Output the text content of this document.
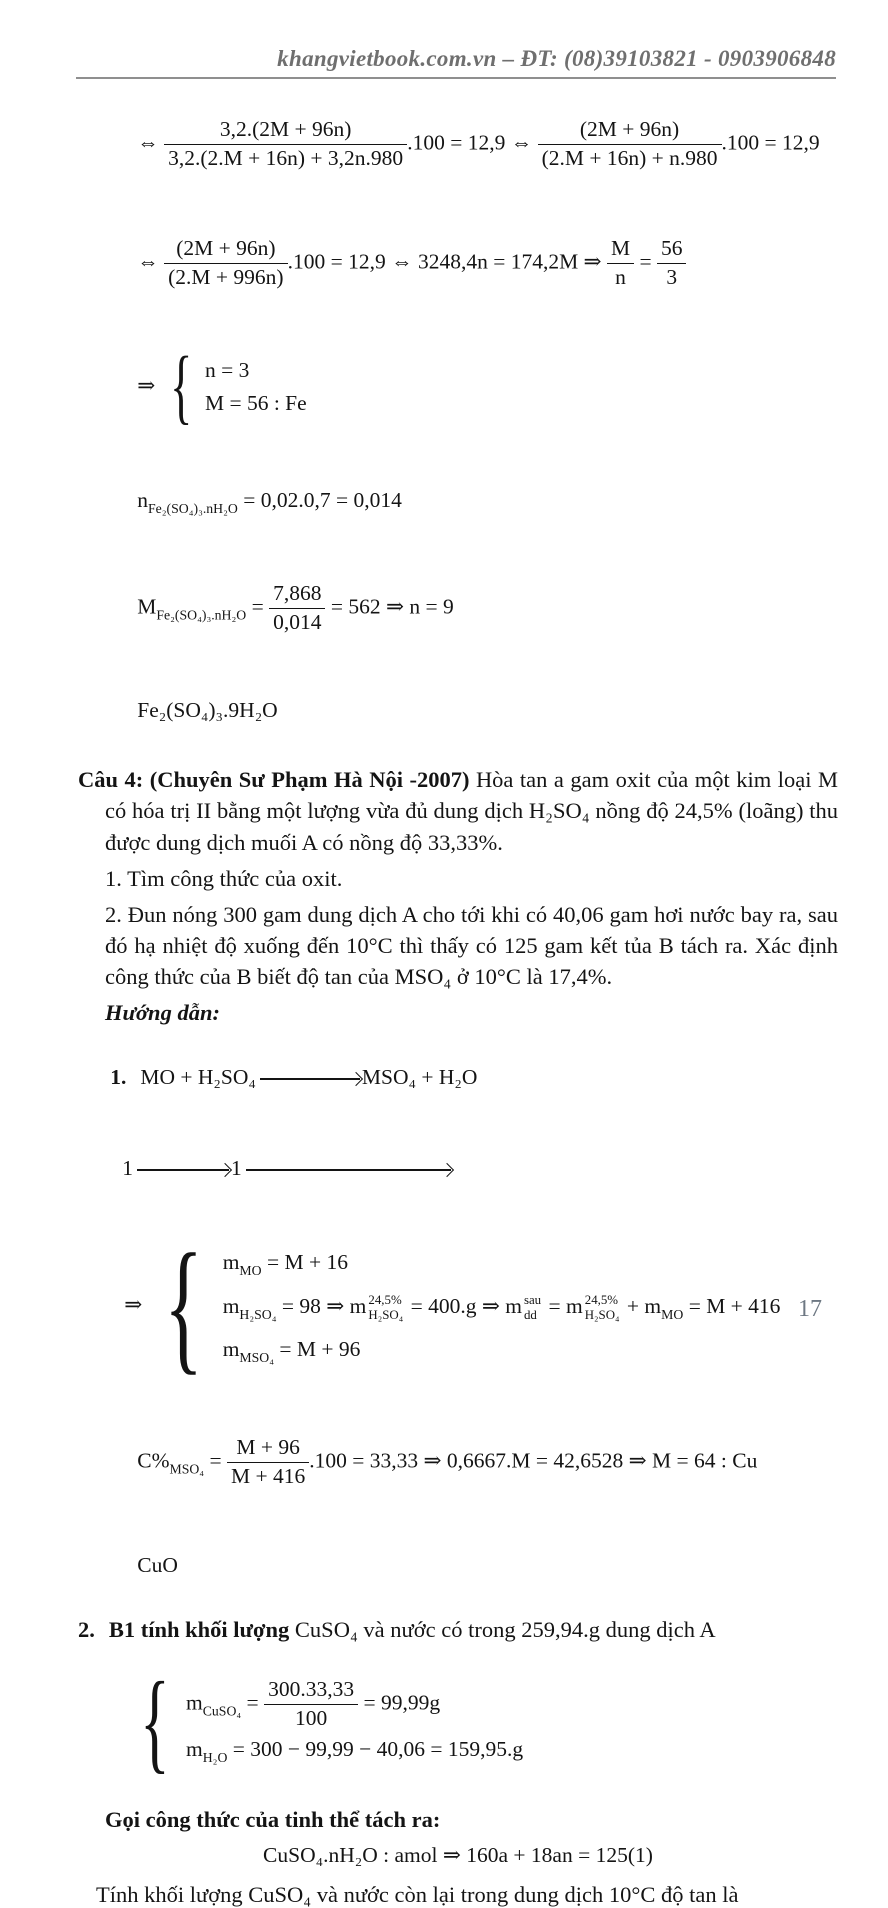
khangvietbook.com.vn – ĐT: (08)39103821 - 0903906848

⇔ $\frac{3,2.(2M + 96n)}{3,2.(2.M + 16n) + 3,2n.980} .100 = 12,9$ ⇔ $\frac{(2M + 96n)}{(2.M + 16n) + n.980} .100 = 12,9$

⇔ $\frac{(2M + 96n)}{(2.M + 996n)} .100 = 12,9$ ⇔ 3248,4n = 174,2M ⇒ $\frac{M}{n} = \frac{56}{3}$

⇒ { n = 3
M = 56 : Fe

$n_{Fe_2(SO_4)_3.nH_2O} = 0,02.0,7 = 0,014$

$M_{Fe_2(SO_4)_3.nH_2O} = \frac{7,868}{0,014} = 562$ ⇒ n = 9

Fe₂(SO₄)₃.9H₂O

Câu 4: (Chuyên Sư Phạm Hà Nội -2007) Hòa tan a gam oxit của một kim loại M có hóa trị II bằng một lượng vừa đủ dung dịch H₂SO₄ nồng độ 24,5% (loãng) thu được dung dịch muối A có nồng độ 33,33%.
1. Tìm công thức của oxit.
2. Đun nóng 300 gam dung dịch A cho tới khi có 40,06 gam hơi nước bay ra, sau đó hạ nhiệt độ xuống đến 10°C thì thấy có 125 gam kết tủa B tách ra. Xác định công thức của B biết độ tan của MSO₄ ở 10°C là 17,4%.
Hướng dẫn:

1. MO + H₂SO₄	MSO₄ + H₂O

1	1

⇒ { $m_{MO} = M + 16$
$m_{H_2SO_4} = 98$ ⇒ m 24,5%
H₂SO₄ = 400.g ⇒ m sau
dd = m 24,5%
$H_2SO_4 + m_{MO} = M + 416$
$m_{MSO_4} = M + 96$

$C\%_{MSO_4} = \frac{M + 96}{M + 416} .100 = 33,33$ ⇒ 0,6667.M = 42,6528 ⇒ M = 64 : Cu

CuO

2. B1 tính khối lượng CuSO₄ và nước có trong 259,94.g dung dịch A

{ $m_{CuSO_4} = \frac{300.33,33}{100} = 99,99g$
$m_{H_2O} = 300 - 99,99 - 40,06 = 159,95.g$

Gọi công thức của tinh thể tách ra:
CuSO₄.nH₂O : amol ⇒ 160a + 18an = 125(1)
Tính khối lượng CuSO₄ và nước còn lại trong dung dịch 10°C độ tan là
17
